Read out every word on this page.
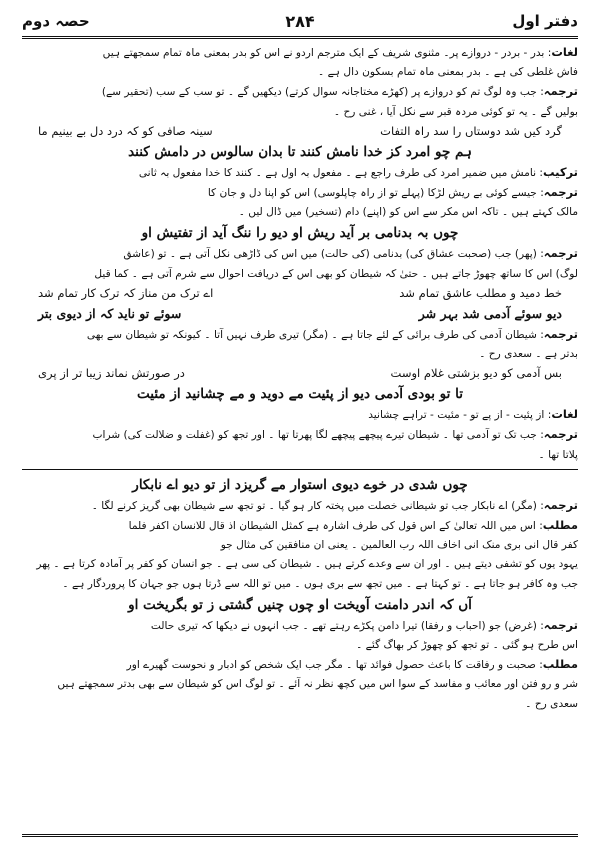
دفتر اول
۲۸۴
حصہ دوم

لغات: بدر - بردر - دروازے پر۔ مثنوی شریف کے ایک مترجم اردو نے اس کو بدر بمعنی ماہ تمام سمجھتے ہیں

فاش غلطی کی ہے ۔ بدر بمعنی ماہ تمام بسکون دال ہے ۔

ترجمہ: جب وہ لوگ تم کو دروازے پر (کھڑے مختاجانہ سوال کرتے) دیکھیں گے ۔ تو سب کے سب (تحقیر سے)

بولیں گے ۔ یہ تو کوئی مردہ قبر سے نکل آیا ، غنی رح ۔

گرد کیں شد دوستاں را سد راہ التفات
سینہ صافی کو کہ درد دل بے بینیم ما
ہم چو امرد کز خدا نامش کنند تا بدان سالوس در دامش کنند

ترکیب: نامش میں ضمیر امرد کی طرف راجع ہے ۔ مفعول بہ اول ہے ۔ کنند کا خدا مفعول بہ ثانی

ترجمہ: جیسے کوئی بے ریش لڑکا (پہلے تو از راہ چاپلوسی) اس کو اپنا دل و جان کا

مالک کہتے ہیں ۔ تاکہ اس مکر سے اس کو (اپنے) دام (تسخیر) میں ڈال لیں ۔

چوں بہ بدنامی بر آید ریش او دیو را ننگ آید از تفتیش او

ترجمہ: (پھر) جب (صحبت عشاق کی) بدنامی (کی حالت) میں اس کی ڈاڑھی نکل آتی ہے ۔ تو (عاشق

لوگ) اس کا ساتھ چھوڑ جاتے ہیں ۔ حتیٰ کہ شیطان کو بھی اس کے دریافت احوال سے شرم آتی ہے ۔ کما قیل

خط دمید و مطلب عاشق تمام شد
اے ترک من مناز کہ ترک کار تمام شد
دیو سوئے آدمی شد بہر شر
سوئے تو ناید کہ از دیوی بتر

ترجمہ: شیطان آدمی کی طرف برائی کے لئے جاتا ہے ۔ (مگر) تیری طرف نہیں آتا ۔ کیونکہ تو شیطان سے بھی

بدتر ہے ۔ سعدی رح ۔

بس آدمی کو دیو بزشتی غلام اوست
در صورتش نماند زیبا تر از پری
تا تو بودی آدمی دیو از پئیت مے دوید و مے چشانید از مئیت

لغات: از پئیت - از پے تو - مئیت - تراہے چشانید

ترجمہ: جب تک تو آدمی تھا ۔ شیطان تیرے پیچھے پیچھے لگا پھرتا تھا ۔ اور تجھ کو (غفلت و ضلالت کی) شراب

پلاتا تھا ۔

چوں شدی در خوے دیوی استوار مے گریزد از تو دیو اے نابکار

ترجمہ: (مگر) اے نابکار جب تو شیطانی خصلت میں پختہ کار ہو گیا ۔ تو تجھ سے شیطان بھی گریز کرنے لگا ۔

مطلب: اس میں اللہ تعالیٰ کے اس قول کی طرف اشارہ ہے کمثل الشیطان اذ قال للانسان اکفر فلما

کفر قال انی بری منک انی اخاف اللہ رب العالمین ۔ یعنی ان منافقین کی مثال جو

یہود یوں کو تشفی دیتے ہیں ۔ اور ان سے وعدے کرتے ہیں ۔ شیطان کی سی ہے ۔ جو انسان کو کفر پر آمادہ کرتا ہے ۔ پھر

جب وہ کافر ہو جاتا ہے ۔ تو کہتا ہے ۔ میں تجھ سے بری ہوں ۔ میں تو اللہ سے ڈرتا ہوں جو جہان کا پروردگار ہے ۔

آں کہ اندر دامنت آویخت او چوں چنیں گشتی ز تو بگریخت او

ترجمہ: (غرض) جو (احباب و رفقا) تیرا دامن پکڑے رہتے تھے ۔ جب انہوں نے دیکھا کہ تیری حالت

اس طرح ہو گئی ۔ تو تجھ کو چھوڑ کر بھاگ گئے ۔

مطلب: صحبت و رفاقت کا باعث حصول فوائد تھا ۔ مگر جب ایک شخص کو ادبار و نحوست گھیرے اور

شر و رو فتن اور معائب و مفاسد کے سوا اس میں کچھ نظر نہ آئے ۔ تو لوگ اس کو شیطان سے بھی بدتر سمجھتے ہیں

سعدی رح ۔
